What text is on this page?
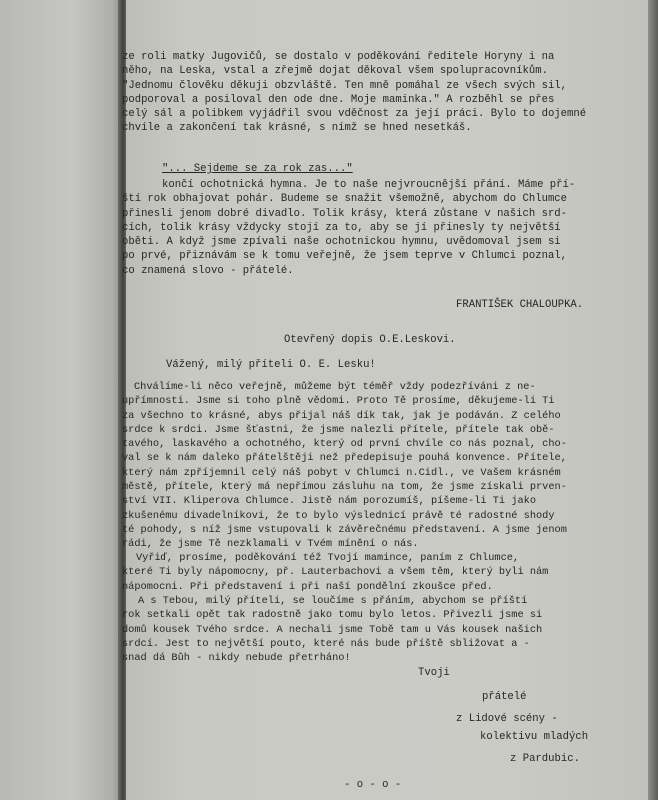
ze roli matky Jugovičů, se dostalo v poděkování ředitele Horyny i na
něho, na Leska, vstal a zřejmě dojat děkoval všem spolupracovníkům.
"Jednomu člověku děkuji obzvláště. Ten mně pomáhal ze všech svých sil,
podporoval a posiloval den ode dne. Moje maminka." A rozběhl se přes
celý sál a polibkem vyjádřil svou vděčnost za její práci. Bylo to dojemné
chvíle a zakončení tak krásné, s nímž se hned nesetkáš.
"... Sejdeme se za rok zas..."
končí ochotnická hymna. Je to naše nejvroucnější přání. Máme pří-
ští rok obhajovat pohár. Budeme se snažit všemožně, abychom do Chlumce
přinesli jenom dobré divadlo. Tolik krásy, která zůstane v našich srd-
cích, tolik krásy vždycky stojí za to, aby se jí přinesly ty největší
oběti. A když jsme zpívali naše ochotnickou hymnu, uvědomoval jsem si
po prvé, přiznávám se k tomu veřejně, že jsem teprve v Chlumci poznal,
co znamená slovo - přátelé.
FRANTIŠEK CHALOUPKA.
Otevřený dopis O.E.Leskovi.
Vážený, milý příteli O. E. Lesku!
Chválíme-li něco veřejně, můžeme být téměř vždy podezříváni z ne-
upřímnosti. Jsme si toho plně vědomi. Proto Tě prosíme, děkujeme-li Ti
za všechno to krásné, abys přijal náš dík tak, jak je podáván. Z celého
srdce k srdci. Jsme šťastni, že jsme nalezli přítele, přítele tak obě-
tavého, laskavého a ochotného, který od první chvíle co nás poznal, cho-
val se k nám daleko přátelštěji než předepisuje pouhá konvence. Přítele,
který nám zpříjemnil celý náš pobyt v Chlumci n.Cidl., ve Vašem krásném
městě, přítele, který má nepřímou zásluhu na tom, že jsme získali prven-
ství VII. Kliperova Chlumce. Jistě nám porozumíš, píšeme-li Ti jako
zkušenému divadelníkovi, že to bylo výslednicí právě té radostné shody
té pohody, s níž jsme vstupovali k závěrečnému představení. A jsme jenom
rádi, že jsme Tě nezklamali v Tvém mínění o nás.
Vyřiď, prosíme, poděkování též Tvojí mamince, paním z Chlumce,
které Ti byly nápomocny, př. Lauterbachovi a všem těm, který byli nám
nápomocni. Při představení i při naší pondělní zkoušce před.
A s Tebou, milý příteli, se loučíme s přáním, abychom se příští
rok setkali opět tak radostně jako tomu bylo letos. Přivezli jsme si
domů kousek Tvého srdce. A nechali jsme Tobě tam u Vás kousek našich
srdcí. Jest to největší pouto, které nás bude příště sbližovat a -
snad dá Bůh - nikdy nebude přetrháno!
Tvoji
přátelé
z Lidové scény -
kolektivu mladých
z Pardubic.
- o - o -
